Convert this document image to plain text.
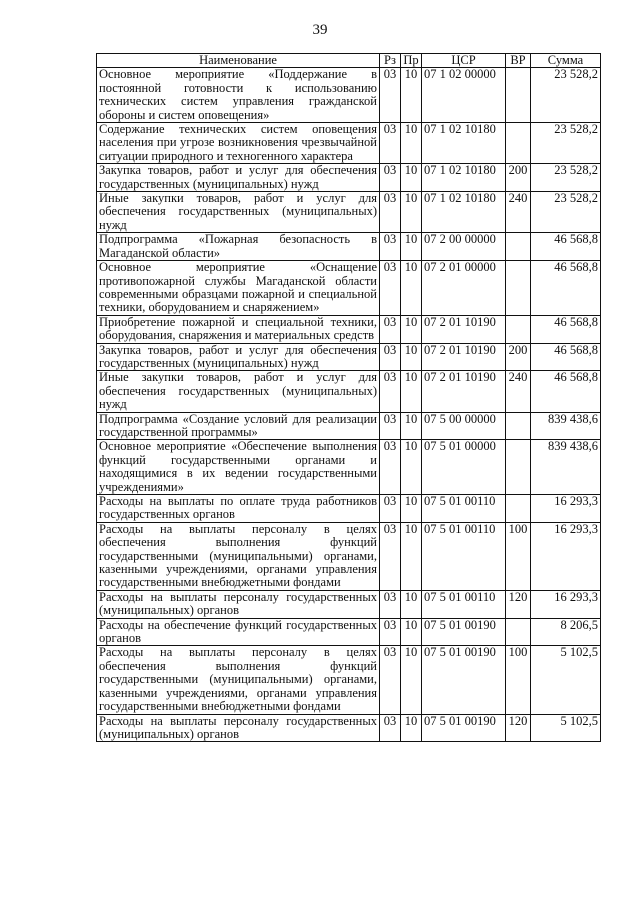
39
Наименование	Рз	Пр	ЦСР	ВР	Сумма
Основное мероприятие «Поддержание в постоянной готовности к использованию технических систем управления гражданской обороны и систем оповещения»	03	10	07 1 02 00000		23 528,2
Содержание технических систем оповещения населения при угрозе возникновения чрезвычайной ситуации природного и техногенного характера	03	10	07 1 02 10180		23 528,2
Закупка товаров, работ и услуг для обеспечения государственных (муниципальных) нужд	03	10	07 1 02 10180	200	23 528,2
Иные закупки товаров, работ и услуг для обеспечения государственных (муниципальных) нужд	03	10	07 1 02 10180	240	23 528,2
Подпрограмма «Пожарная безопасность в Магаданской области»	03	10	07 2 00 00000		46 568,8
Основное мероприятие «Оснащение противопожарной службы Магаданской области современными образцами пожарной и специальной техники, оборудованием и снаряжением»	03	10	07 2 01 00000		46 568,8
Приобретение пожарной и специальной техники, оборудования, снаряжения и материальных средств	03	10	07 2 01 10190		46 568,8
Закупка товаров, работ и услуг для обеспечения государственных (муниципальных) нужд	03	10	07 2 01 10190	200	46 568,8
Иные закупки товаров, работ и услуг для обеспечения государственных (муниципальных) нужд	03	10	07 2 01 10190	240	46 568,8
Подпрограмма «Создание условий для реализации государственной программы»	03	10	07 5 00 00000		839 438,6
Основное мероприятие «Обеспечение выполнения функций государственными органами и находящимися в их ведении государственными учреждениями»	03	10	07 5 01 00000		839 438,6
Расходы на выплаты по оплате труда работников государственных органов	03	10	07 5 01 00110		16 293,3
Расходы на выплаты персоналу в целях обеспечения выполнения функций государственными (муниципальными) органами, казенными учреждениями, органами управления государственными внебюджетными фондами	03	10	07 5 01 00110	100	16 293,3
Расходы на выплаты персоналу государственных (муниципальных) органов	03	10	07 5 01 00110	120	16 293,3
Расходы на обеспечение функций государственных органов	03	10	07 5 01 00190		8 206,5
Расходы на выплаты персоналу в целях обеспечения выполнения функций государственными (муниципальными) органами, казенными учреждениями, органами управления государственными внебюджетными фондами	03	10	07 5 01 00190	100	5 102,5
Расходы на выплаты персоналу государственных (муниципальных) органов	03	10	07 5 01 00190	120	5 102,5
